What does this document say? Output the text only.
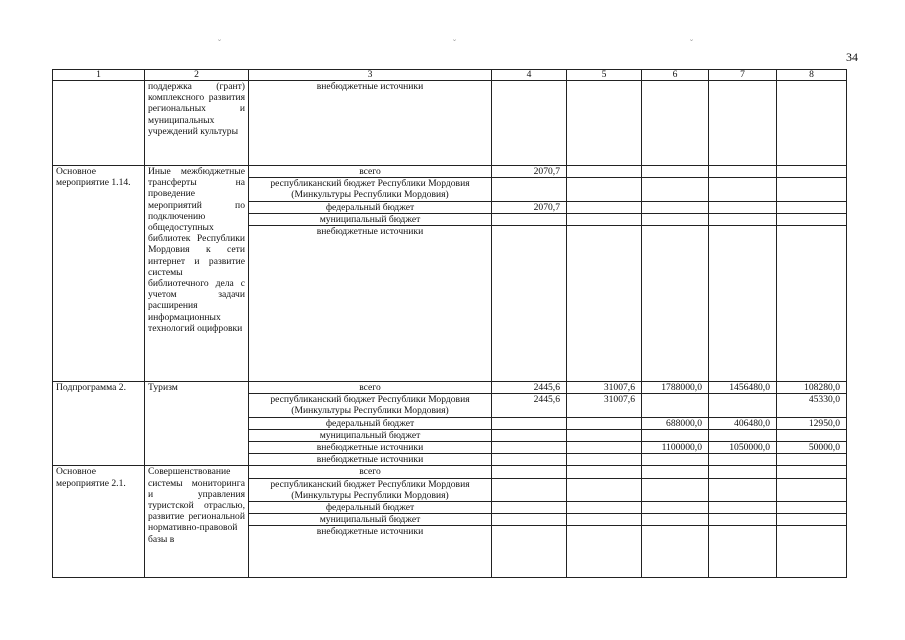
34
˘	˘	˘
1	2	3	4	5	6	7	8
	поддержка (грант) комплексного развития региональных и муниципальных учреждений культуры	внебюджетные источники					
Основное мероприятие 1.14.	Иные межбюджетные трансферты на проведение мероприятий по подключению общедоступных библиотек Республики Мордовия к сети интернет и развитие системы библиотечного дела с учетом задачи расширения информационных технологий оцифровки	всего	2070,7				
		республиканский бюджет Республики Мордовия (Минкультуры Республики Мордовия)					
		федеральный бюджет	2070,7				
		муниципальный бюджет					
		внебюджетные источники					
Подпрограмма 2.	Туризм	всего	2445,6	31007,6	1788000,0	1456480,0	108280,0
		республиканский бюджет Республики Мордовия (Минкультуры Республики Мордовия)	2445,6	31007,6			45330,0
		федеральный бюджет			688000,0	406480,0	12950,0
		муниципальный бюджет					
		внебюджетные источники			1100000,0	1050000,0	50000,0
		внебюджетные источники					
Основное мероприятие 2.1.	Совершенствование системы мониторинга и управления туристской отраслью, развитие региональной нормативно-правовой базы в	всего					
		республиканский бюджет Республики Мордовия (Минкультуры Республики Мордовия)					
		федеральный бюджет					
		муниципальный бюджет					
		внебюджетные источники					
